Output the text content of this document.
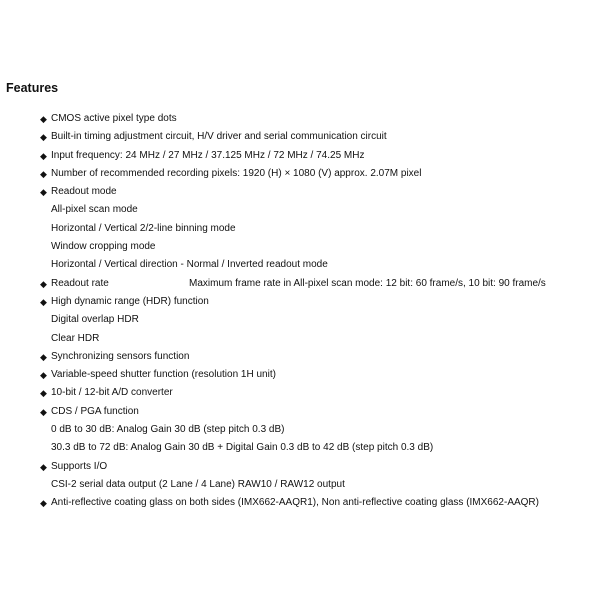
Features
◆ CMOS active pixel type dots
◆ Built-in timing adjustment circuit, H/V driver and serial communication circuit
◆ Input frequency: 24 MHz / 27 MHz / 37.125 MHz / 72 MHz / 74.25 MHz
◆ Number of recommended recording pixels: 1920 (H) × 1080 (V) approx. 2.07M pixel
◆ Readout mode
All-pixel scan mode
Horizontal / Vertical 2/2-line binning mode
Window cropping mode
Horizontal / Vertical direction - Normal / Inverted readout mode
◆ Readout rate	Maximum frame rate in All-pixel scan mode: 12 bit: 60 frame/s, 10 bit: 90 frame/s
◆ High dynamic range (HDR) function
Digital overlap HDR
Clear HDR
◆ Synchronizing sensors function
◆ Variable-speed shutter function (resolution 1H unit)
◆ 10-bit / 12-bit A/D converter
◆ CDS / PGA function
0 dB to 30 dB: Analog Gain 30 dB (step pitch 0.3 dB)
30.3 dB to 72 dB: Analog Gain 30 dB + Digital Gain 0.3 dB to 42 dB (step pitch 0.3 dB)
◆ Supports I/O
CSI-2 serial data output (2 Lane / 4 Lane) RAW10 / RAW12 output
◆ Anti-reflective coating glass on both sides (IMX662-AAQR1), Non anti-reflective coating glass (IMX662-AAQR)
